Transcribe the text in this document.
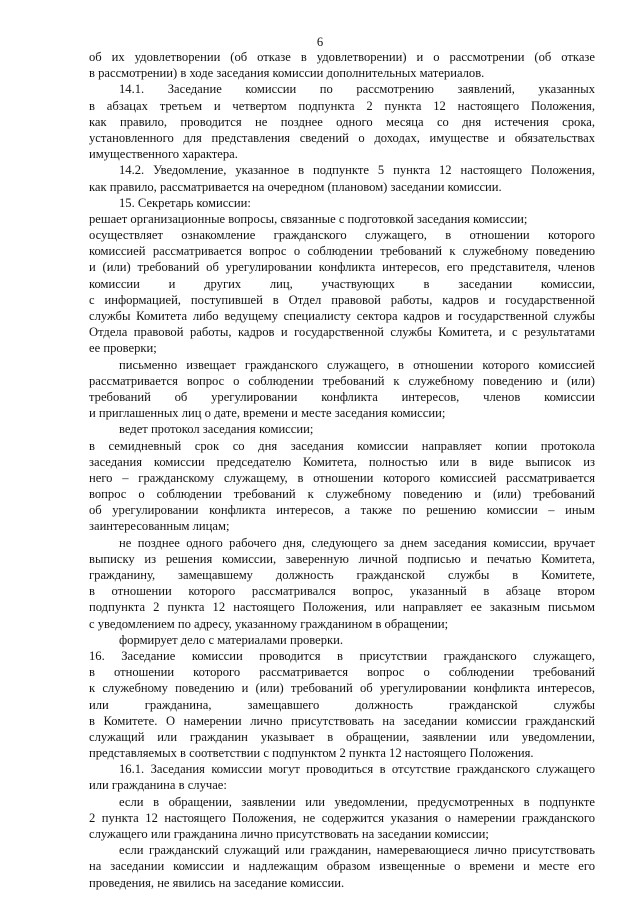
6
об их удовлетворении (об отказе в удовлетворении) и о рассмотрении (об отказе
в рассмотрении) в ходе заседания комиссии дополнительных материалов.
14.1. Заседание комиссии по рассмотрению заявлений, указанных
в абзацах третьем и четвертом подпункта 2 пункта 12 настоящего Положения,
как правило, проводится не позднее одного месяца со дня истечения срока,
установленного для представления сведений о доходах, имуществе и обязательствах
имущественного характера.
14.2. Уведомление, указанное в подпункте 5 пункта 12 настоящего Положения,
как правило, рассматривается на очередном (плановом) заседании комиссии.
15. Секретарь комиссии:
решает организационные вопросы, связанные с подготовкой заседания комиссии;
осуществляет ознакомление гражданского служащего, в отношении которого
комиссией рассматривается вопрос о соблюдении требований к служебному поведению
и (или) требований об урегулировании конфликта интересов, его представителя, членов
комиссии и других лиц, участвующих в заседании комиссии,
с информацией, поступившей в Отдел правовой работы, кадров и государственной
службы Комитета либо ведущему специалисту сектора кадров и государственной службы
Отдела правовой работы, кадров и государственной службы Комитета, и с результатами
ее проверки;
письменно извещает гражданского служащего, в отношении которого комиссией
рассматривается вопрос о соблюдении требований к служебному поведению и (или)
требований об урегулировании конфликта интересов, членов комиссии
и приглашенных лиц о дате, времени и месте заседания комиссии;
ведет протокол заседания комиссии;
в семидневный срок со дня заседания комиссии направляет копии протокола
заседания комиссии председателю Комитета, полностью или в виде выписок из
него – гражданскому служащему, в отношении которого комиссией рассматривается
вопрос о соблюдении требований к служебному поведению и (или) требований
об урегулировании конфликта интересов, а также по решению комиссии – иным
заинтересованным лицам;
не позднее одного рабочего дня, следующего за днем заседания комиссии, вручает
выписку из решения комиссии, заверенную личной подписью и печатью Комитета,
гражданину, замещавшему должность гражданской службы в Комитете,
в отношении которого рассматривался вопрос, указанный в абзаце втором
подпункта 2 пункта 12 настоящего Положения, или направляет ее заказным письмом
с уведомлением по адресу, указанному гражданином в обращении;
формирует дело с материалами проверки.
16. Заседание комиссии проводится в присутствии гражданского служащего,
в отношении которого рассматривается вопрос о соблюдении требований
к служебному поведению и (или) требований об урегулировании конфликта интересов,
или гражданина, замещавшего должность гражданской службы
в Комитете. О намерении лично присутствовать на заседании комиссии гражданский
служащий или гражданин указывает в обращении, заявлении или уведомлении,
представляемых в соответствии с подпунктом 2 пункта 12 настоящего Положения.
16.1. Заседания комиссии могут проводиться в отсутствие гражданского служащего
или гражданина в случае:
если в обращении, заявлении или уведомлении, предусмотренных в подпункте
2 пункта 12 настоящего Положения, не содержится указания о намерении гражданского
служащего или гражданина лично присутствовать на заседании комиссии;
если гражданский служащий или гражданин, намеревающиеся лично присутствовать
на заседании комиссии и надлежащим образом извещенные о времени и месте его
проведения, не явились на заседание комиссии.
